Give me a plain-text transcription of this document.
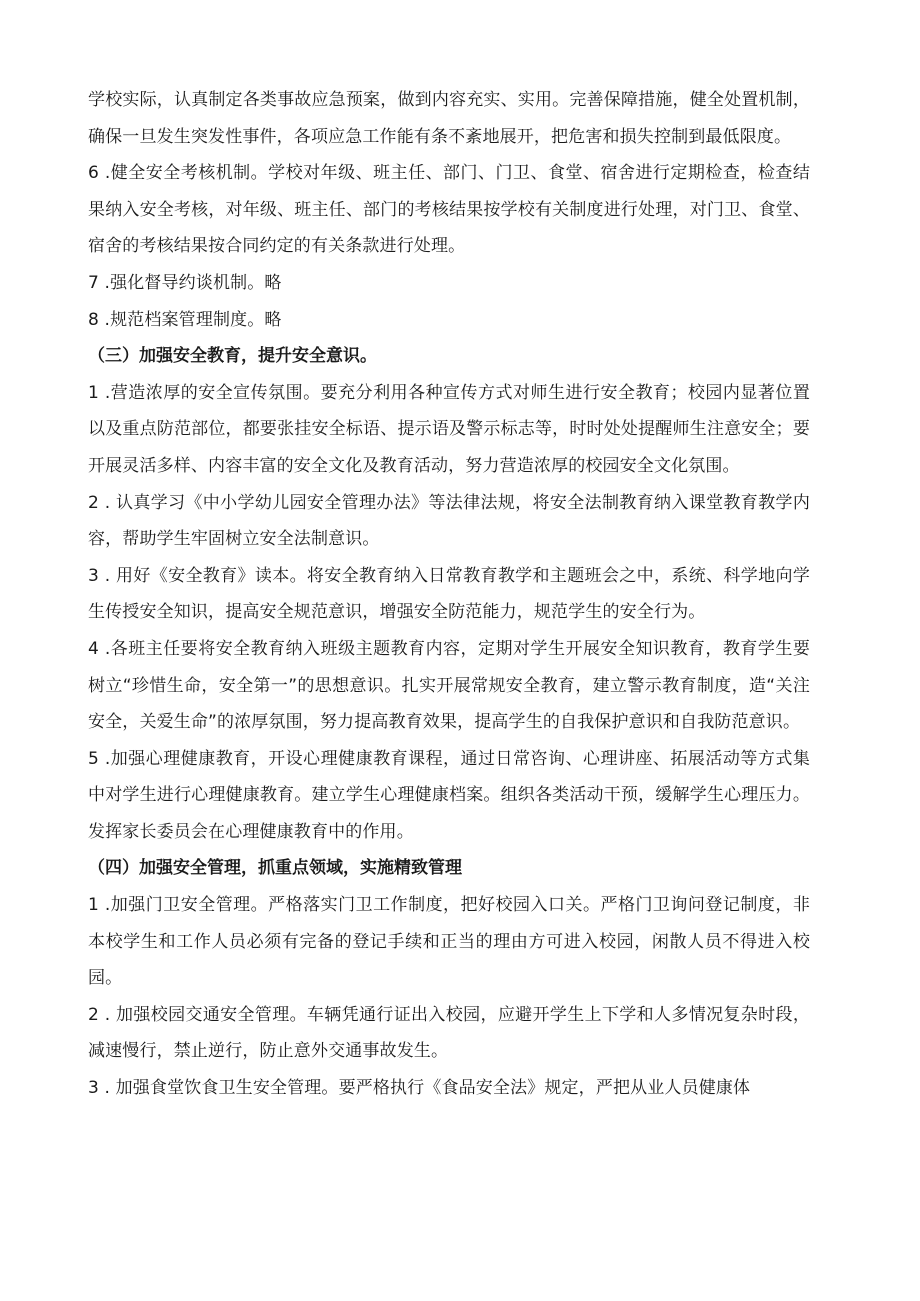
学校实际，认真制定各类事故应急预案，做到内容充实、实用。完善保障措施，健全处置机制，确保一旦发生突发性事件，各项应急工作能有条不紊地展开，把危害和损失控制到最低限度。

6 .健全安全考核机制。学校对年级、班主任、部门、门卫、食堂、宿舍进行定期检查，检查结果纳入安全考核，对年级、班主任、部门的考核结果按学校有关制度进行处理，对门卫、食堂、宿舍的考核结果按合同约定的有关条款进行处理。

7 .强化督导约谈机制。略

8 .规范档案管理制度。略

（三）加强安全教育，提升安全意识。

1 .营造浓厚的安全宣传氛围。要充分利用各种宣传方式对师生进行安全教育；校园内显著位置以及重点防范部位，都要张挂安全标语、提示语及警示标志等，时时处处提醒师生注意安全；要开展灵活多样、内容丰富的安全文化及教育活动，努力营造浓厚的校园安全文化氛围。

2 . 认真学习《中小学幼儿园安全管理办法》等法律法规，将安全法制教育纳入课堂教育教学内容，帮助学生牢固树立安全法制意识。

3 . 用好《安全教育》读本。将安全教育纳入日常教育教学和主题班会之中，系统、科学地向学生传授安全知识，提高安全规范意识，增强安全防范能力，规范学生的安全行为。

4 .各班主任要将安全教育纳入班级主题教育内容，定期对学生开展安全知识教育，教育学生要树立“珍惜生命，安全第一”的思想意识。扎实开展常规安全教育，建立警示教育制度，造“关注安全，关爱生命”的浓厚氛围，努力提高教育效果，提高学生的自我保护意识和自我防范意识。

5 .加强心理健康教育，开设心理健康教育课程，通过日常咨询、心理讲座、拓展活动等方式集中对学生进行心理健康教育。建立学生心理健康档案。组织各类活动干预，缓解学生心理压力。发挥家长委员会在心理健康教育中的作用。

（四）加强安全管理，抓重点领域，实施精致管理

1 .加强门卫安全管理。严格落实门卫工作制度，把好校园入口关。严格门卫询问登记制度，非本校学生和工作人员必须有完备的登记手续和正当的理由方可进入校园，闲散人员不得进入校园。

2 . 加强校园交通安全管理。车辆凭通行证出入校园，应避开学生上下学和人多情况复杂时段，减速慢行，禁止逆行，防止意外交通事故发生。

3 . 加强食堂饮食卫生安全管理。要严格执行《食品安全法》规定，严把从业人员健康体
